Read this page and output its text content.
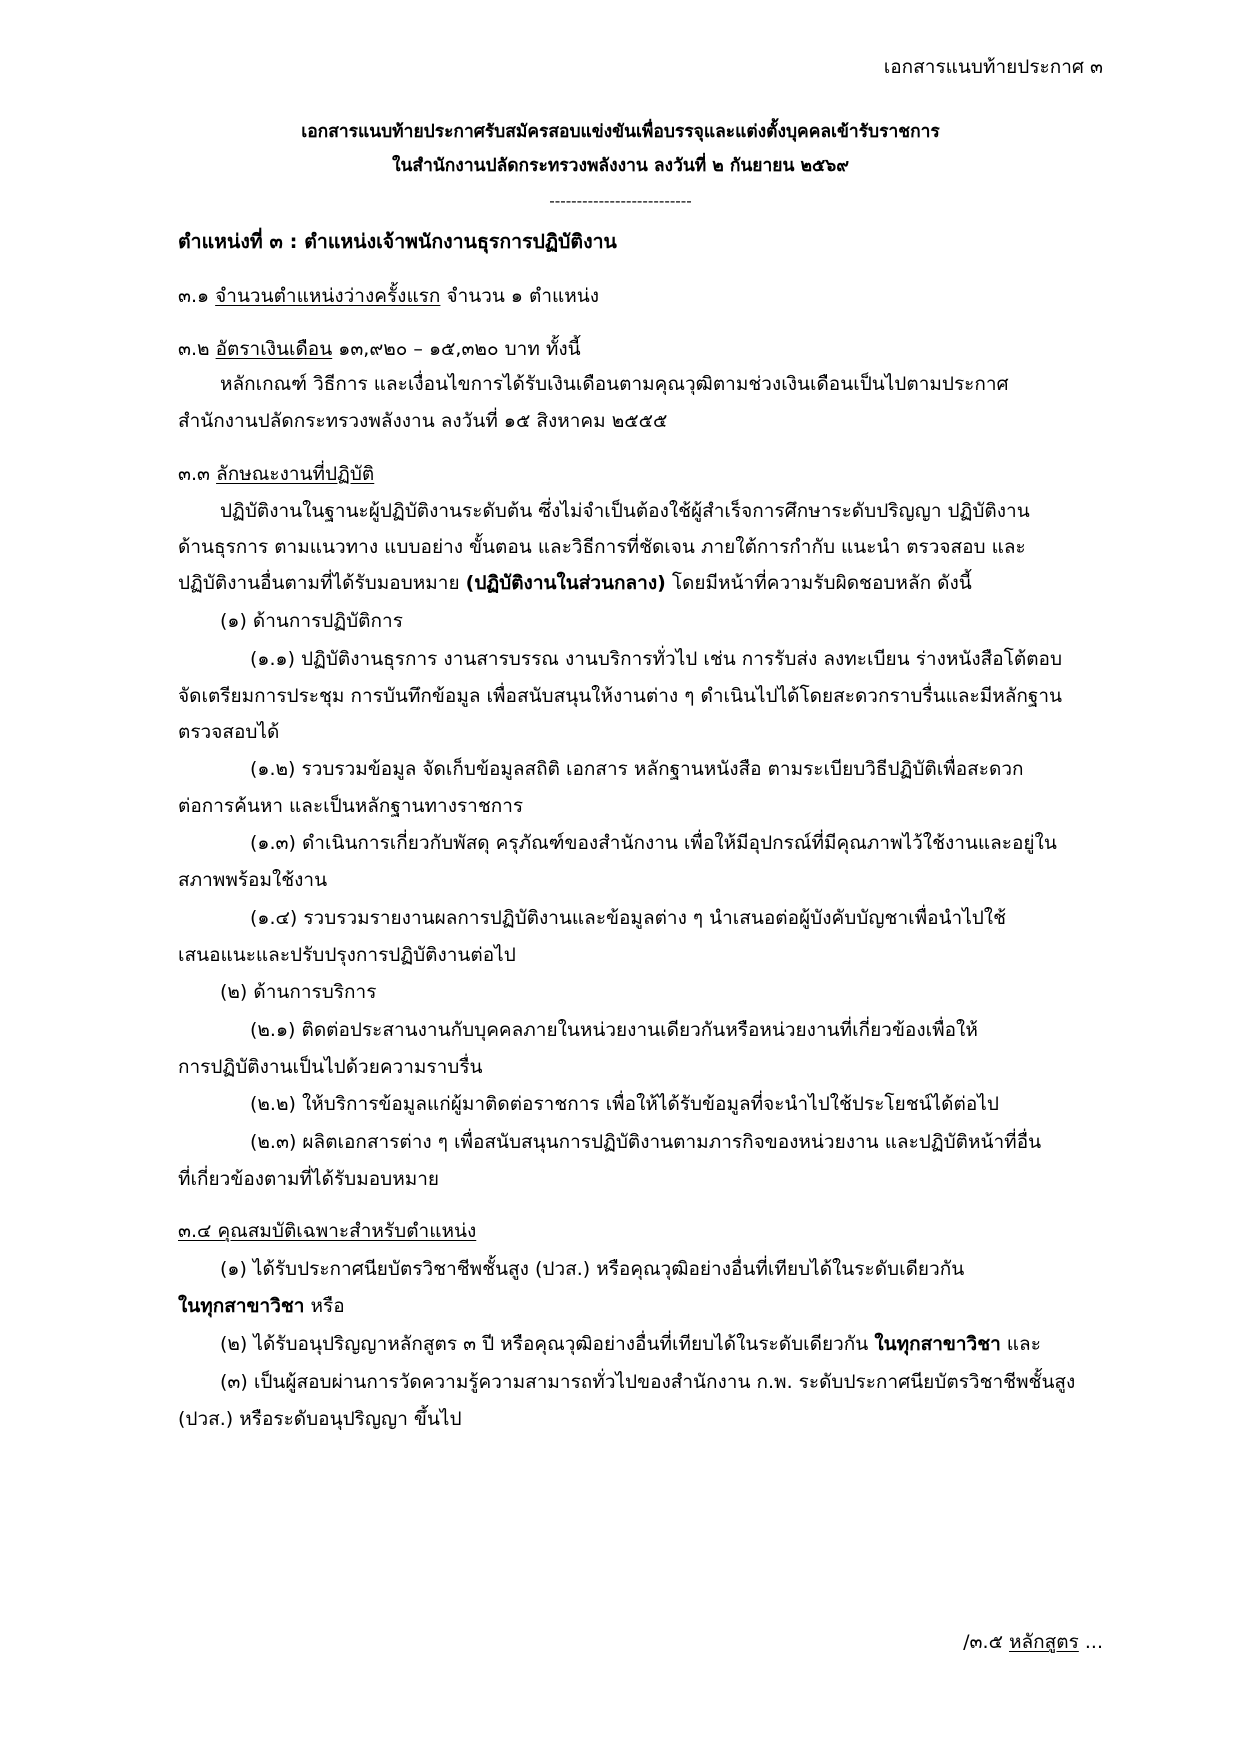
เอกสารแนบท้ายประกาศ ๓
เอกสารแนบท้ายประกาศรับสมัครสอบแข่งขันเพื่อบรรจุและแต่งตั้งบุคคลเข้ารับราชการ
ในสำนักงานปลัดกระทรวงพลังงาน ลงวันที่ ๒ กันยายน ๒๕๖๙
--------------------------
ตำแหน่งที่ ๓ : ตำแหน่งเจ้าพนักงานธุรการปฏิบัติงาน
๓.๑ จำนวนตำแหน่งว่างครั้งแรก จำนวน ๑ ตำแหน่ง
๓.๒ อัตราเงินเดือน ๑๓,๙๒๐ – ๑๕,๓๒๐ บาท ทั้งนี้
หลักเกณฑ์ วิธีการ และเงื่อนไขการได้รับเงินเดือนตามคุณวุฒิตามช่วงเงินเดือนเป็นไปตามประกาศ
สำนักงานปลัดกระทรวงพลังงาน ลงวันที่ ๑๕ สิงหาคม ๒๕๕๕
๓.๓ ลักษณะงานที่ปฏิบัติ
ปฏิบัติงานในฐานะผู้ปฏิบัติงานระดับต้น ซึ่งไม่จำเป็นต้องใช้ผู้สำเร็จการศึกษาระดับปริญญา ปฏิบัติงาน
ด้านธุรการ ตามแนวทาง แบบอย่าง ขั้นตอน และวิธีการที่ชัดเจน ภายใต้การกำกับ แนะนำ ตรวจสอบ และ
ปฏิบัติงานอื่นตามที่ได้รับมอบหมาย (ปฏิบัติงานในส่วนกลาง) โดยมีหน้าที่ความรับผิดชอบหลัก ดังนี้
(๑) ด้านการปฏิบัติการ
(๑.๑) ปฏิบัติงานธุรการ งานสารบรรณ งานบริการทั่วไป เช่น การรับส่ง ลงทะเบียน ร่างหนังสือโต้ตอบ
จัดเตรียมการประชุม การบันทึกข้อมูล เพื่อสนับสนุนให้งานต่าง ๆ ดำเนินไปได้โดยสะดวกราบรื่นและมีหลักฐาน
ตรวจสอบได้
(๑.๒) รวบรวมข้อมูล จัดเก็บข้อมูลสถิติ เอกสาร หลักฐานหนังสือ ตามระเบียบวิธีปฏิบัติเพื่อสะดวก
ต่อการค้นหา และเป็นหลักฐานทางราชการ
(๑.๓) ดำเนินการเกี่ยวกับพัสดุ ครุภัณฑ์ของสำนักงาน เพื่อให้มีอุปกรณ์ที่มีคุณภาพไว้ใช้งานและอยู่ใน
สภาพพร้อมใช้งาน
(๑.๔) รวบรวมรายงานผลการปฏิบัติงานและข้อมูลต่าง ๆ นำเสนอต่อผู้บังคับบัญชาเพื่อนำไปใช้
เสนอแนะและปรับปรุงการปฏิบัติงานต่อไป
(๒) ด้านการบริการ
(๒.๑) ติดต่อประสานงานกับบุคคลภายในหน่วยงานเดียวกันหรือหน่วยงานที่เกี่ยวข้องเพื่อให้
การปฏิบัติงานเป็นไปด้วยความราบรื่น
(๒.๒) ให้บริการข้อมูลแก่ผู้มาติดต่อราชการ เพื่อให้ได้รับข้อมูลที่จะนำไปใช้ประโยชน์ได้ต่อไป
(๒.๓) ผลิตเอกสารต่าง ๆ เพื่อสนับสนุนการปฏิบัติงานตามภารกิจของหน่วยงาน และปฏิบัติหน้าที่อื่น
ที่เกี่ยวข้องตามที่ได้รับมอบหมาย
๓.๔ คุณสมบัติเฉพาะสำหรับตำแหน่ง
(๑) ได้รับประกาศนียบัตรวิชาชีพชั้นสูง (ปวส.) หรือคุณวุฒิอย่างอื่นที่เทียบได้ในระดับเดียวกัน
ในทุกสาขาวิชา หรือ
(๒) ได้รับอนุปริญญาหลักสูตร ๓ ปี หรือคุณวุฒิอย่างอื่นที่เทียบได้ในระดับเดียวกัน ในทุกสาขาวิชา และ
(๓) เป็นผู้สอบผ่านการวัดความรู้ความสามารถทั่วไปของสำนักงาน ก.พ. ระดับประกาศนียบัตรวิชาชีพชั้นสูง
(ปวส.) หรือระดับอนุปริญญา ขึ้นไป
/๓.๕ หลักสูตร ...
